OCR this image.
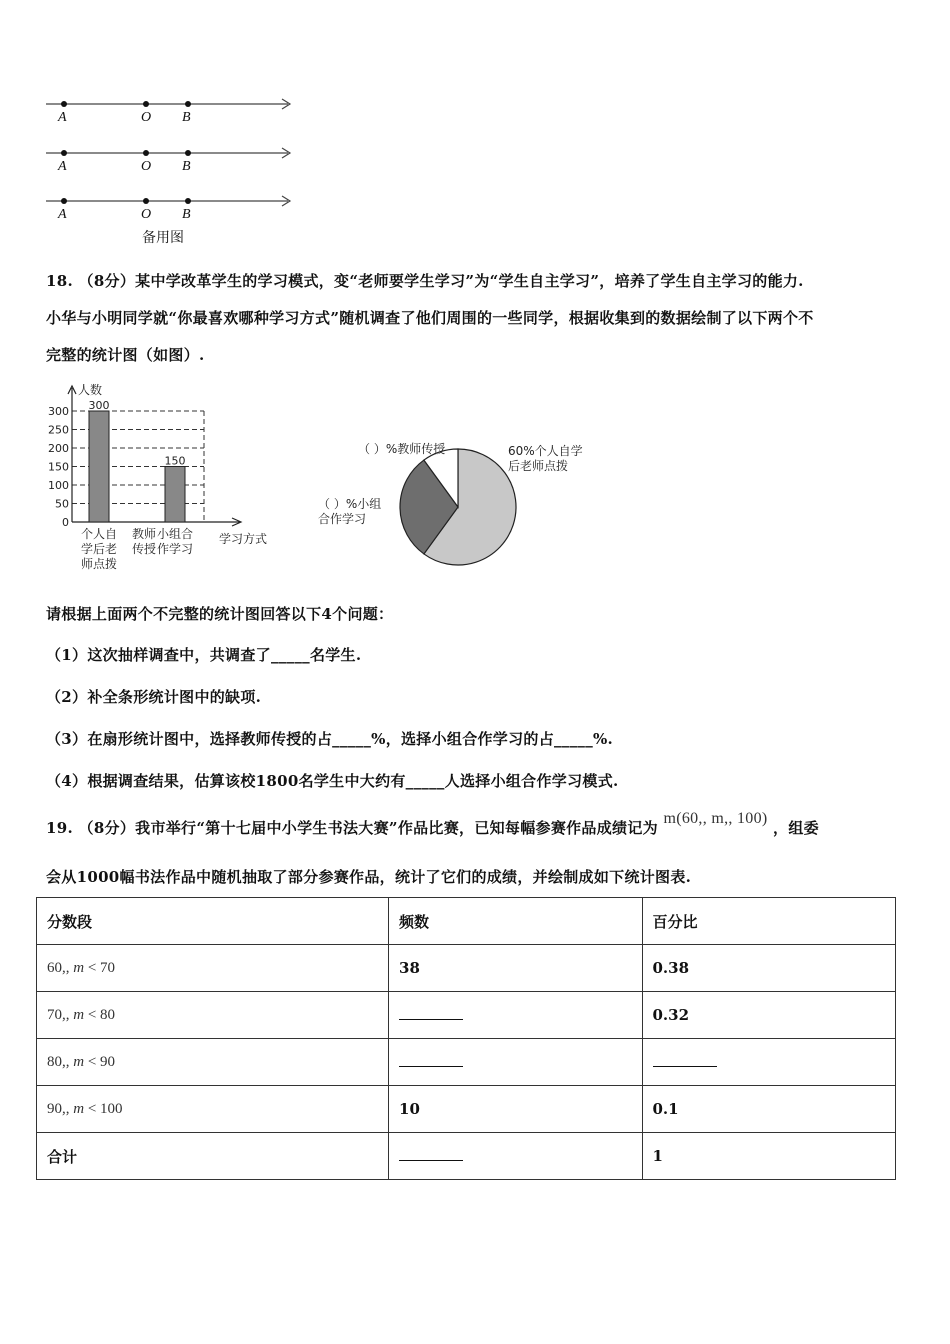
A	O B
A	O B
A	O B
备用图
18. （8分）某中学改革学生的学习模式，变“老师要学生学习”为“学生自主学习”，培养了学生自主学习的能力.
小华与小明同学就“你最喜欢哪种学习方式”随机调查了他们周围的一些同学，根据收集到的数据绘制了以下两个不
完整的统计图（如图）.
0
50
100
150
200
250
300
人数
学习方式
300
150
个人自
学后老
师点拨
教师
传授
小组合
作学习
60%个人自学
后老师点拨
（ ）%小组
合作学习
（ ）%教师传授
请根据上面两个不完整的统计图回答以下4个问题：
（1）这次抽样调查中，共调查了_____名学生.
（2）补全条形统计图中的缺项.
（3）在扇形统计图中，选择教师传授的占_____%，选择小组合作学习的占_____%.
（4）根据调查结果，估算该校1800名学生中大约有_____人选择小组合作学习模式.
19. （8分）我市举行“第十七届中小学生书法大赛”作品比赛，已知每幅参赛作品成绩记为 m(60,, m,, 100) ，组委
会从1000幅书法作品中随机抽取了部分参赛作品，统计了它们的成绩，并绘制成如下统计图表.
分数段	频数	百分比
60,, m < 70	38	0.38
70,, m < 80		0.32
80,, m < 90		
90,, m < 100	10	0.1
合计		1
